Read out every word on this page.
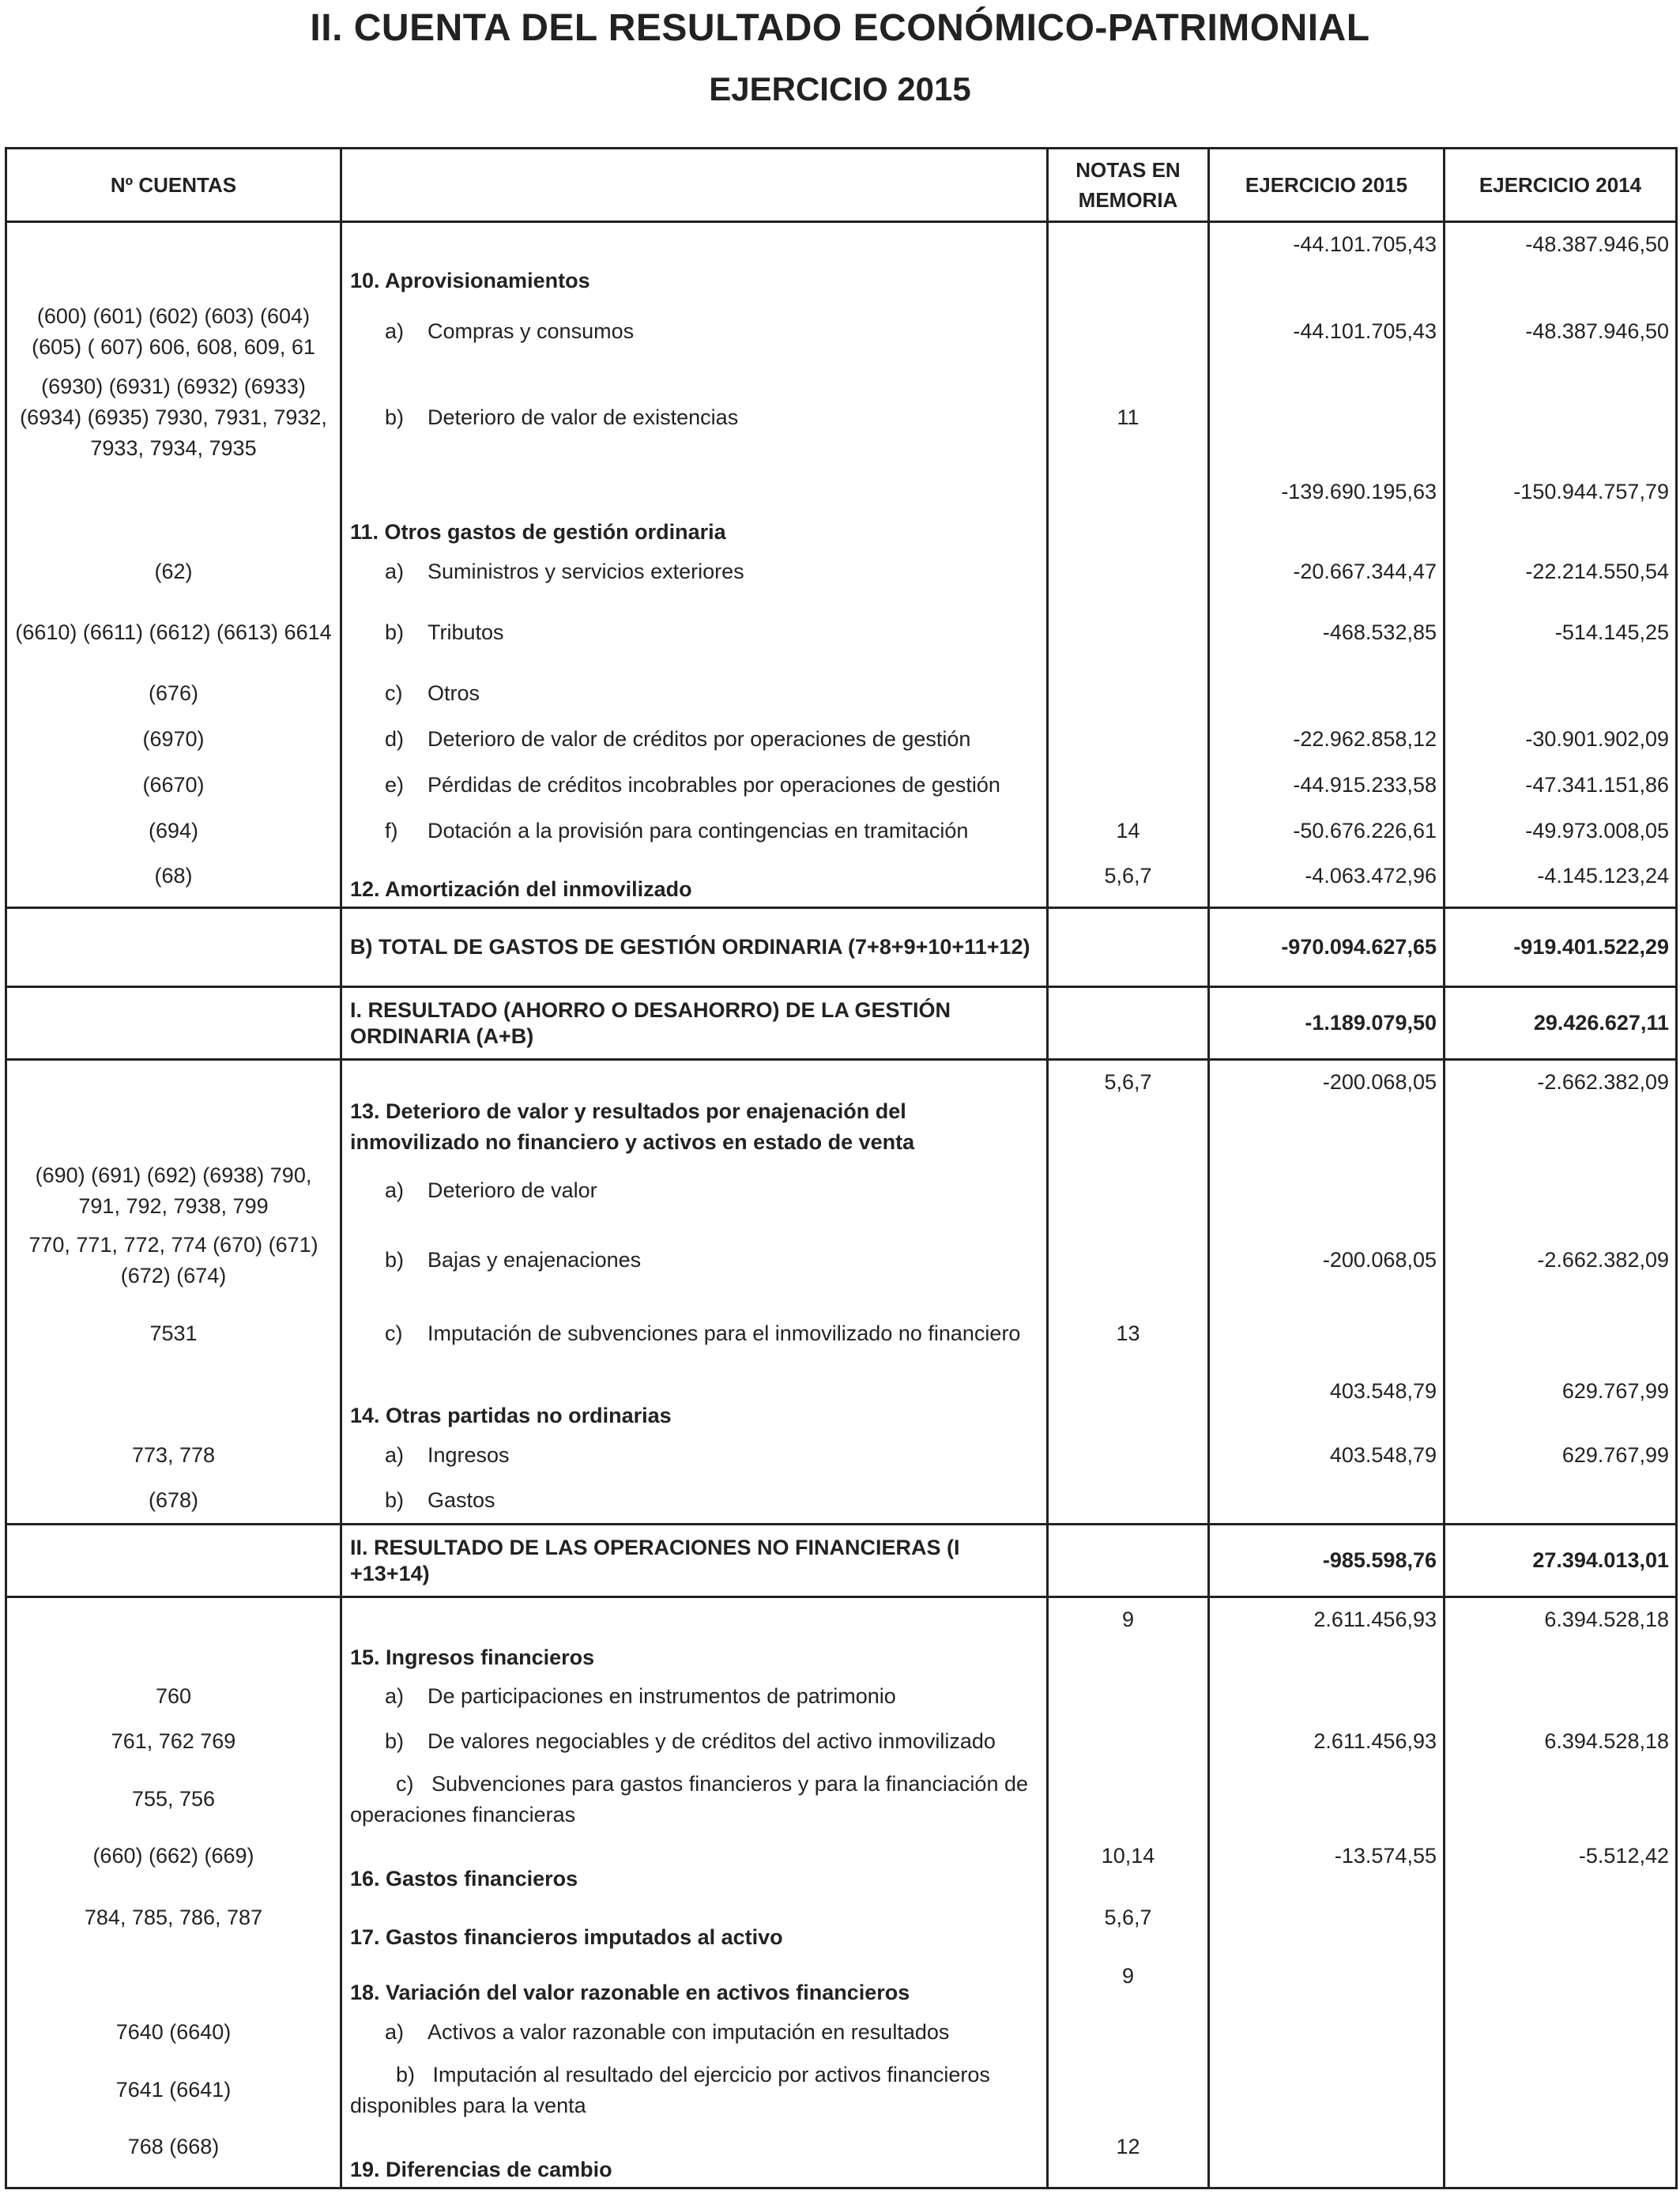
II. CUENTA DEL RESULTADO ECONÓMICO-PATRIMONIAL
EJERCICIO 2015
Nº CUENTAS		NOTAS EN MEMORIA	EJERCICIO 2015	EJERCICIO 2014
	10. Aprovisionamientos		-44.101.705,43	-48.387.946,50
(600) (601) (602) (603) (604) (605) ( 607) 606, 608, 609, 61	a) Compras y consumos		-44.101.705,43	-48.387.946,50
(6930) (6931) (6932) (6933) (6934) (6935) 7930, 7931, 7932, 7933, 7934, 7935	b) Deterioro de valor de existencias	11		
	11. Otros gastos de gestión ordinaria		-139.690.195,63	-150.944.757,79
(62)	a) Suministros y servicios exteriores		-20.667.344,47	-22.214.550,54
(6610) (6611) (6612) (6613) 6614	b) Tributos		-468.532,85	-514.145,25
(676)	c) Otros			
(6970)	d) Deterioro de valor de créditos por operaciones de gestión		-22.962.858,12	-30.901.902,09
(6670)	e) Pérdidas de créditos incobrables por operaciones de gestión		-44.915.233,58	-47.341.151,86
(694)	f) Dotación a la provisión para contingencias en tramitación	14	-50.676.226,61	-49.973.008,05
(68)	12. Amortización del inmovilizado	5,6,7	-4.063.472,96	-4.145.123,24
	B) TOTAL DE GASTOS DE GESTIÓN ORDINARIA (7+8+9+10+11+12)		-970.094.627,65	-919.401.522,29
	I. RESULTADO (AHORRO O DESAHORRO) DE LA GESTIÓN ORDINARIA (A+B)		-1.189.079,50	29.426.627,11
	13. Deterioro de valor y resultados por enajenación del inmovilizado no financiero y activos en estado de venta	5,6,7	-200.068,05	-2.662.382,09
(690) (691) (692) (6938) 790, 791, 792, 7938, 799	a) Deterioro de valor			
770, 771, 772, 774 (670) (671) (672) (674)	b) Bajas y enajenaciones		-200.068,05	-2.662.382,09
7531	c) Imputación de subvenciones para el inmovilizado no financiero	13		
	14. Otras partidas no ordinarias		403.548,79	629.767,99
773, 778	a) Ingresos		403.548,79	629.767,99
(678)	b) Gastos			
	II. RESULTADO DE LAS OPERACIONES NO FINANCIERAS (I +13+14)		-985.598,76	27.394.013,01
	15. Ingresos financieros	9	2.611.456,93	6.394.528,18
760	a) De participaciones en instrumentos de patrimonio			
761, 762 769	b) De valores negociables y de créditos del activo inmovilizado		2.611.456,93	6.394.528,18
755, 756	c) Subvenciones para gastos financieros y para la financiación de operaciones financieras			
(660) (662) (669)	16. Gastos financieros	10,14	-13.574,55	-5.512,42
784, 785, 786, 787	17. Gastos financieros imputados al activo	5,6,7		
	18. Variación del valor razonable en activos financieros	9		
7640 (6640)	a) Activos a valor razonable con imputación en resultados			
7641 (6641)	b) Imputación al resultado del ejercicio por activos financieros disponibles para la venta			
768 (668)	19. Diferencias de cambio	12		
